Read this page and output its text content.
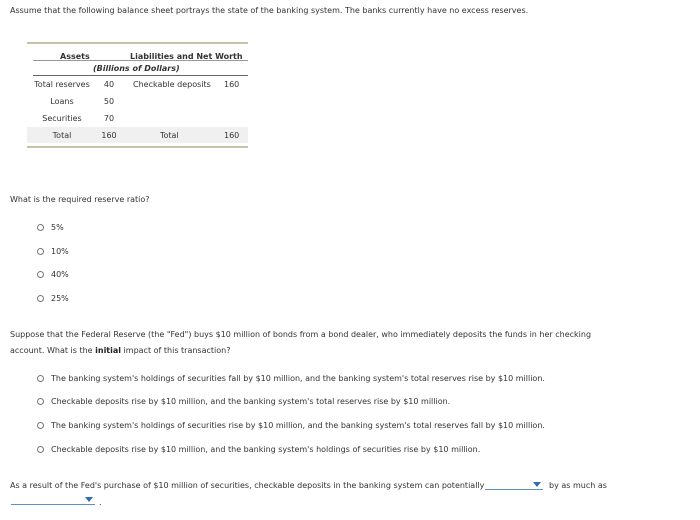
Assume that the following balance sheet portrays the state of the banking system. The banks currently have no excess reserves.
Assets	Liabilities and Net Worth
(Billions of Dollars)
Total reserves	40	Checkable deposits 160
Loans	50
Securities	70
Total	160	Total	160
What is the required reserve ratio?
5%
10%
40%
25%
Suppose that the Federal Reserve (the "Fed") buys $10 million of bonds from a bond dealer, who immediately deposits the funds in her checking
account. What is the initial impact of this transaction?
The banking system's holdings of securities fall by $10 million, and the banking system's total reserves rise by $10 million.
Checkable deposits rise by $10 million, and the banking system's total reserves rise by $10 million.
The banking system's holdings of securities rise by $10 million, and the banking system's total reserves fall by $10 million.
Checkable deposits rise by $10 million, and the banking system's holdings of securities rise by $10 million.
As a result of the Fed's purchase of $10 million of securities, checkable deposits in the banking system can potentially	by as much as
.
